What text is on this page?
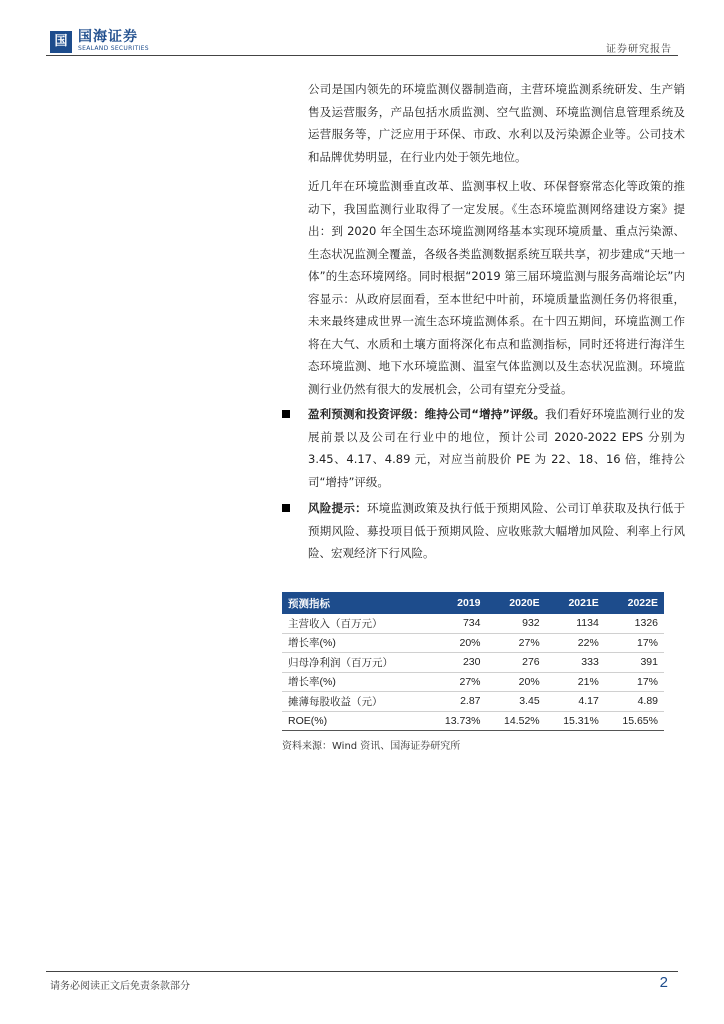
国 国海证券
SEALAND SECURITIES	证券研究报告

公司是国内领先的环境监测仪器制造商，主营环境监测系统研发、生产销售及运营服务，产品包括水质监测、空气监测、环境监测信息管理系统及运营服务等，广泛应用于环保、市政、水利以及污染源企业等。公司技术和品牌优势明显，在行业内处于领先地位。

近几年在环境监测垂直改革、监测事权上收、环保督察常态化等政策的推动下，我国监测行业取得了一定发展。《生态环境监测网络建设方案》提出：到 2020 年全国生态环境监测网络基本实现环境质量、重点污染源、生态状况监测全覆盖，各级各类监测数据系统互联共享，初步建成“天地一体”的生态环境网络。同时根据“2019 第三届环境监测与服务高端论坛”内容显示：从政府层面看，至本世纪中叶前，环境质量监测任务仍将很重，未来最终建成世界一流生态环境监测体系。在十四五期间，环境监测工作将在大气、水质和土壤方面将深化布点和监测指标，同时还将进行海洋生态环境监测、地下水环境监测、温室气体监测以及生态状况监测。环境监测行业仍然有很大的发展机会，公司有望充分受益。

盈利预测和投资评级：维持公司“增持”评级。我们看好环境监测行业的发展前景以及公司在行业中的地位，预计公司 2020-2022 EPS 分别为 3.45、4.17、4.89 元，对应当前股价 PE 为 22、18、16 倍，维持公司“增持”评级。
风险提示：环境监测政策及执行低于预期风险、公司订单获取及执行低于预期风险、募投项目低于预期风险、应收账款大幅增加风险、利率上行风险、宏观经济下行风险。
预测指标	2019	2020E	2021E	2022E
主营收入（百万元）	734	932	1134	1326
增长率(%)	20%	27%	22%	17%
归母净利润（百万元）	230	276	333	391
增长率(%)	27%	20%	21%	17%
摊薄每股收益（元）	2.87	3.45	4.17	4.89
ROE(%)	13.73%	14.52%	15.31%	15.65%
资料来源：Wind 资讯、国海证券研究所
请务必阅读正文后免责条款部分	2
